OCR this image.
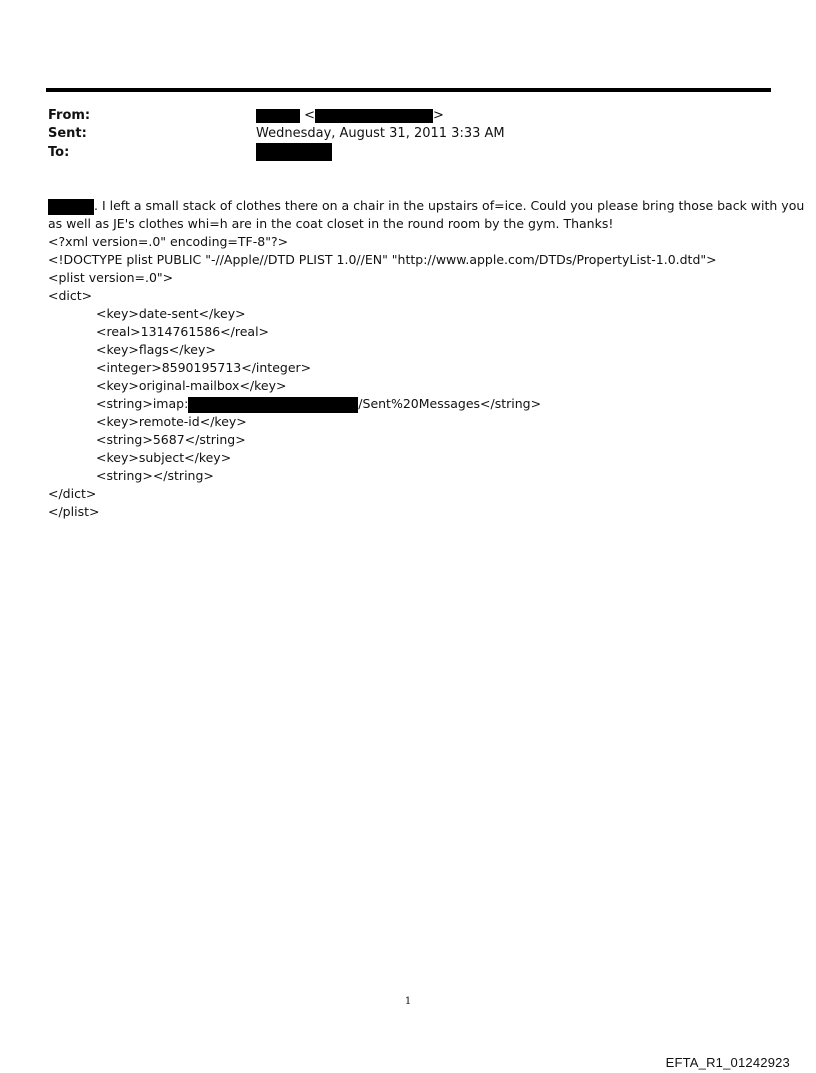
From:	<	>
Sent:	Wednesday, August 31, 2011 3:33 AM
To:
. I left a small stack of clothes there on a chair in the upstairs of=ice. Could you please bring those back with you
as well as JE's clothes whi=h are in the coat closet in the round room by the gym. Thanks!
<?xml version=.0" encoding=TF-8"?>
<!DOCTYPE plist PUBLIC "-//Apple//DTD PLIST 1.0//EN" "http://www.apple.com/DTDs/PropertyList-1.0.dtd">
<plist version=.0">
<dict>
<key>date-sent</key>
<real>1314761586</real>
<key>flags</key>
<integer>8590195713</integer>
<key>original-mailbox</key>
<string>imap:	/Sent%20Messages</string>
<key>remote-id</key>
<string>5687</string>
<key>subject</key>
<string></string>
</dict>
</plist>
1
EFTA_R1_01242923
